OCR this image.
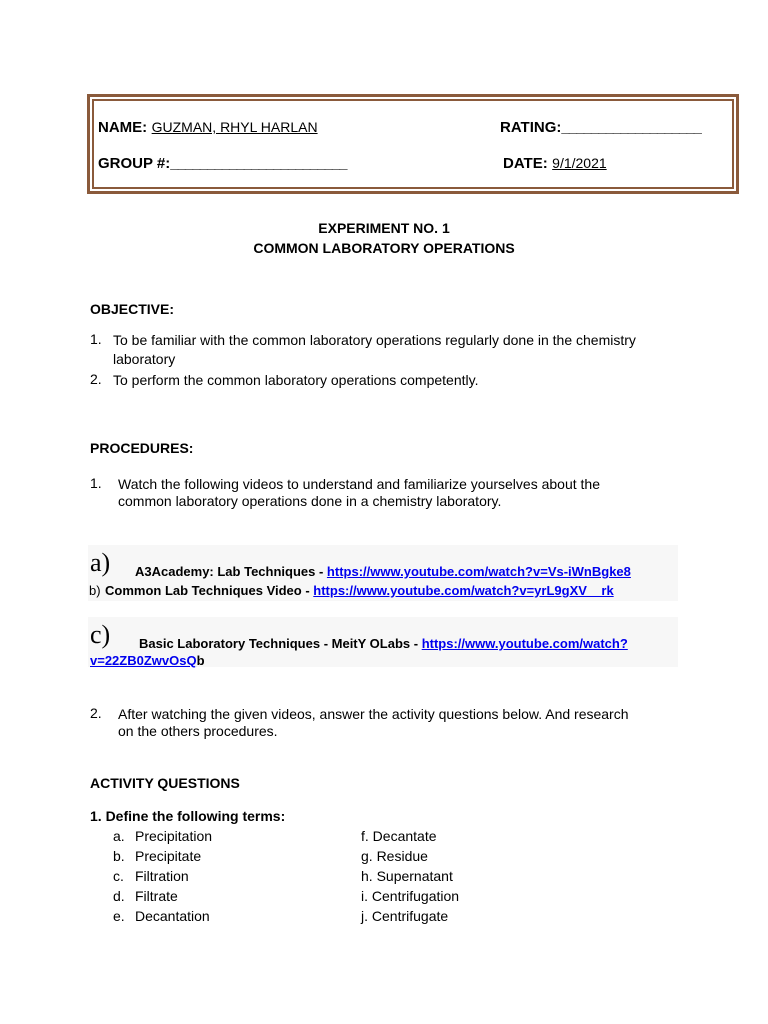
NAME: GUZMAN, RHYL HARLAN	RATING:___________________
GROUP #:________________________	DATE: 9/1/2021
EXPERIMENT NO. 1
COMMON LABORATORY OPERATIONS
OBJECTIVE:
1. To be familiar with the common laboratory operations regularly done in the chemistry
laboratory
2. To perform the common laboratory operations competently.
PROCEDURES:
1. Watch the following videos to understand and familiarize yourselves about the
common laboratory operations done in a chemistry laboratory.
a) A3Academy: Lab Techniques - https://www.youtube.com/watch?v=Vs-iWnBgke8
b) Common Lab Techniques Video - https://www.youtube.com/watch?v=yrL9gXV__rk
c) Basic Laboratory Techniques - MeitY OLabs - https://www.youtube.com/watch?
v=22ZB0ZwvOsQb
2. After watching the given videos, answer the activity questions below. And research
on the others procedures.
ACTIVITY QUESTIONS
1. Define the following terms:
a. Precipitation
b. Precipitate
c. Filtration
d. Filtrate
e. Decantation
f. Decantate
g. Residue
h. Supernatant
i. Centrifugation
j. Centrifugate
